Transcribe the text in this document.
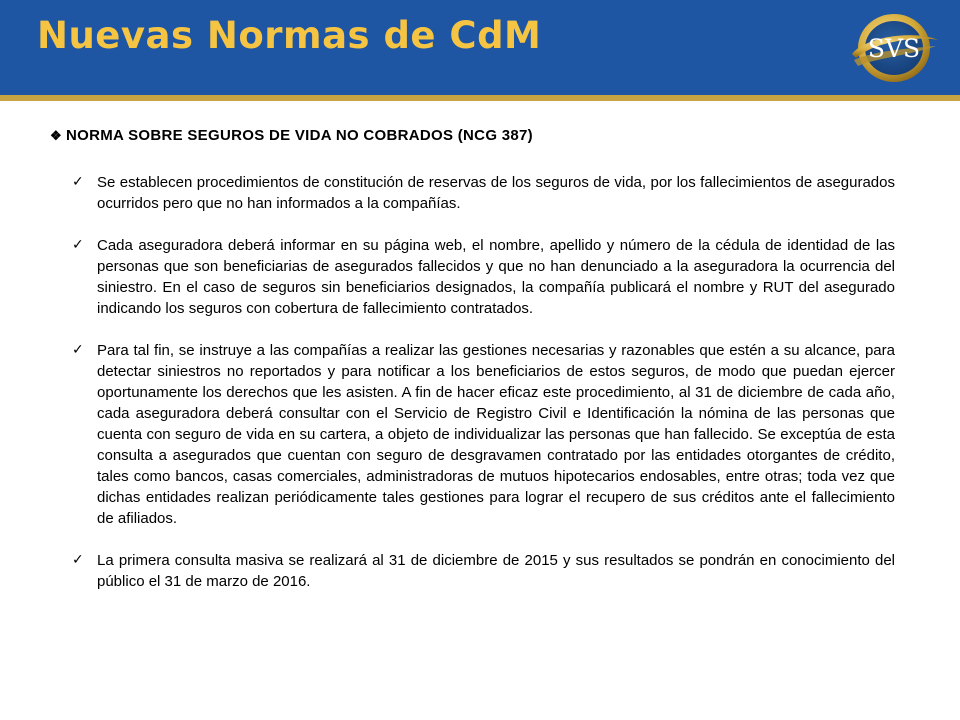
Nuevas Normas de CdM	SVS
❖ NORMA SOBRE SEGUROS DE VIDA NO COBRADOS (NCG 387)
✓ Se establecen procedimientos de constitución de reservas de los seguros de vida, por los fallecimientos de asegurados ocurridos pero que no han informados a la compañías.
✓ Cada aseguradora deberá informar en su página web, el nombre, apellido y número de la cédula de identidad de las personas que son beneficiarias de asegurados fallecidos y que no han denunciado a la aseguradora la ocurrencia del siniestro. En el caso de seguros sin beneficiarios designados, la compañía publicará el nombre y RUT del asegurado indicando los seguros con cobertura de fallecimiento contratados.
✓ Para tal fin, se instruye a las compañías a realizar las gestiones necesarias y razonables que estén a su alcance, para detectar siniestros no reportados y para notificar a los beneficiarios de estos seguros, de modo que puedan ejercer oportunamente los derechos que les asisten. A fin de hacer eficaz este procedimiento, al 31 de diciembre de cada año, cada aseguradora deberá consultar con el Servicio de Registro Civil e Identificación la nómina de las personas que cuenta con seguro de vida en su cartera, a objeto de individualizar las personas que han fallecido. Se exceptúa de esta consulta a asegurados que cuentan con seguro de desgravamen contratado por las entidades otorgantes de crédito, tales como bancos, casas comerciales, administradoras de mutuos hipotecarios endosables, entre otras; toda vez que dichas entidades realizan periódicamente tales gestiones para lograr el recupero de sus créditos ante el fallecimiento de afiliados.
✓ La primera consulta masiva se realizará al 31 de diciembre de 2015 y sus resultados se pondrán en conocimiento del público el 31 de marzo de 2016.
